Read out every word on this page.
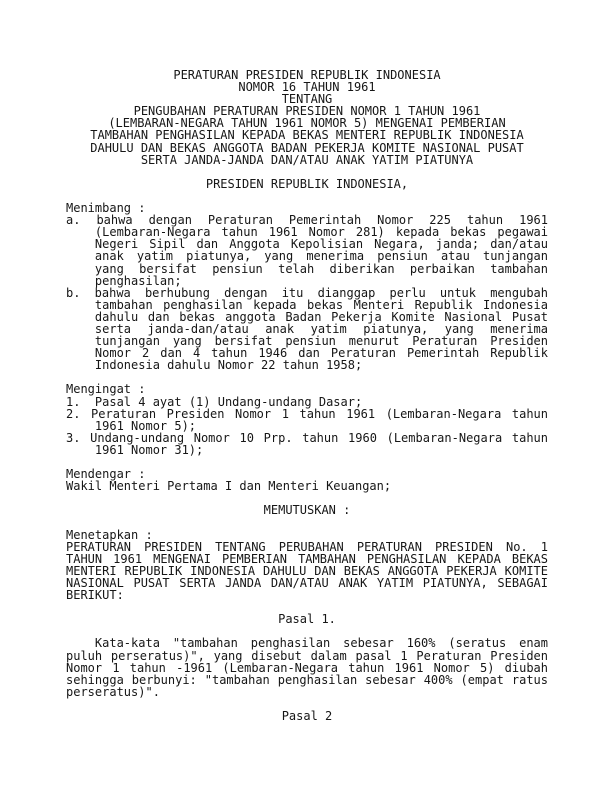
PERATURAN PRESIDEN REPUBLIK INDONESIA
NOMOR 16 TAHUN 1961
TENTANG
PENGUBAHAN PERATURAN PRESIDEN NOMOR 1 TAHUN 1961
(LEMBARAN-NEGARA TAHUN 1961 NOMOR 5) MENGENAI PEMBERIAN
TAMBAHAN PENGHASILAN KEPADA BEKAS MENTERI REPUBLIK INDONESIA
DAHULU DAN BEKAS ANGGOTA BADAN PEKERJA KOMITE NASIONAL PUSAT
SERTA JANDA-JANDA DAN/ATAU ANAK YATIM PIATUNYA
PRESIDEN REPUBLIK INDONESIA,
Menimbang :
a. bahwa dengan Peraturan Pemerintah Nomor 225 tahun 1961
(Lembaran-Negara tahun 1961 Nomor 281) kepada bekas pegawai
Negeri Sipil dan Anggota Kepolisian Negara, janda; dan/atau
anak yatim piatunya, yang menerima pensiun atau tunjangan
yang bersifat pensiun telah diberikan perbaikan tambahan
penghasilan;
b. bahwa berhubung dengan itu dianggap perlu untuk mengubah
tambahan penghasilan kepada bekas Menteri Republik Indonesia
dahulu dan bekas anggota Badan Pekerja Komite Nasional Pusat
serta janda-dan/atau anak yatim piatunya, yang menerima
tunjangan yang bersifat pensiun menurut Peraturan Presiden
Nomor 2 dan 4 tahun 1946 dan Peraturan Pemerintah Republik
Indonesia dahulu Nomor 22 tahun 1958;
Mengingat :
1.  Pasal 4 ayat (1) Undang-undang Dasar;
2. Peraturan Presiden Nomor 1 tahun 1961 (Lembaran-Negara tahun
1961 Nomor 5);
3. Undang-undang Nomor 10 Prp. tahun 1960 (Lembaran-Negara tahun
1961 Nomor 31);
Mendengar :
Wakil Menteri Pertama I dan Menteri Keuangan;
MEMUTUSKAN :
Menetapkan :
PERATURAN PRESIDEN TENTANG PERUBAHAN PERATURAN PRESIDEN No. 1
TAHUN 1961 MENGENAI PEMBERIAN TAMBAHAN PENGHASILAN KEPADA BEKAS
MENTERI REPUBLIK INDONESIA DAHULU DAN BEKAS ANGGOTA PEKERJA KOMITE
NASIONAL PUSAT SERTA JANDA DAN/ATAU ANAK YATIM PIATUNYA, SEBAGAI
BERIKUT:
Pasal 1.
Kata-kata "tambahan penghasilan sebesar 160% (seratus enam
puluh perseratus)", yang disebut dalam pasal 1 Peraturan Presiden
Nomor 1 tahun -1961 (Lembaran-Negara tahun 1961 Nomor 5) diubah
sehingga berbunyi: "tambahan penghasilan sebesar 400% (empat ratus
perseratus)".
Pasal 2
